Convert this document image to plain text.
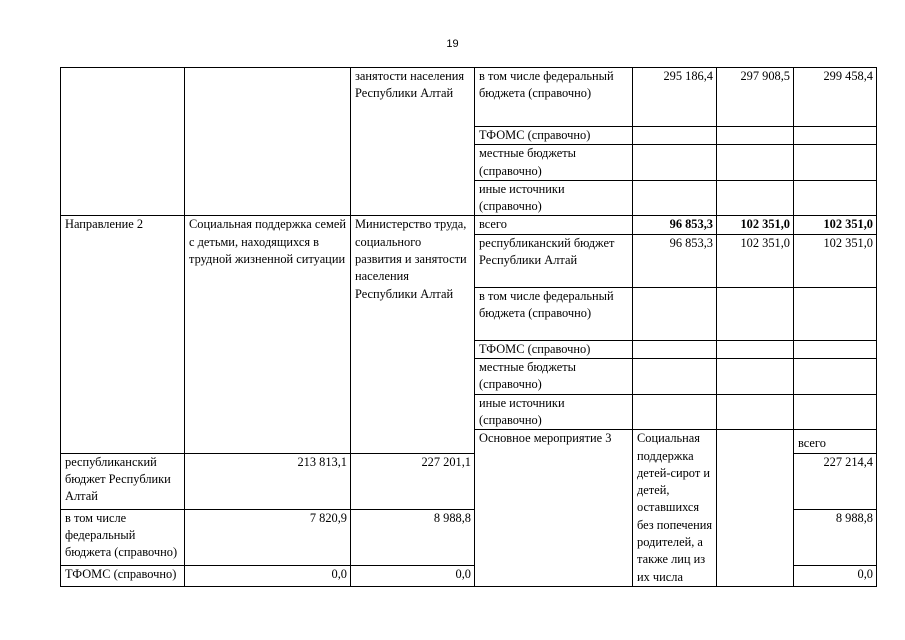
19
		занятости населения Республики Алтай	в том числе федеральный бюджета (справочно)	295 186,4	297 908,5	299 458,4	
			ТФОМС (справочно)				
			местные бюджеты (справочно)				
			иные источники (справочно)				
Направление 2	Социальная поддержка семей с детьми, находящихся в трудной жизненной ситуации	Министерство труда, социального развития и занятости населения Республики Алтай	всего	96 853,3	102 351,0	102 351,0	
			республиканский бюджет Республики Алтай	96 853,3	102 351,0	102 351,0	
			в том числе федеральный бюджета (справочно)				
			ТФОМС (справочно)				
			местные бюджеты (справочно)				
			иные источники (справочно)				
			Основное мероприятие 3	Социальная поддержка детей-сирот и детей, оставшихся без попечения родителей, а также лиц из их числа		всего			
республиканский бюджет Республики Алтай	213 813,1	227 201,1				227 214,4	
в том числе федеральный бюджета (справочно)	7 820,9	8 988,8				8 988,8	
ТФОМС (справочно)	0,0	0,0				0,0	
